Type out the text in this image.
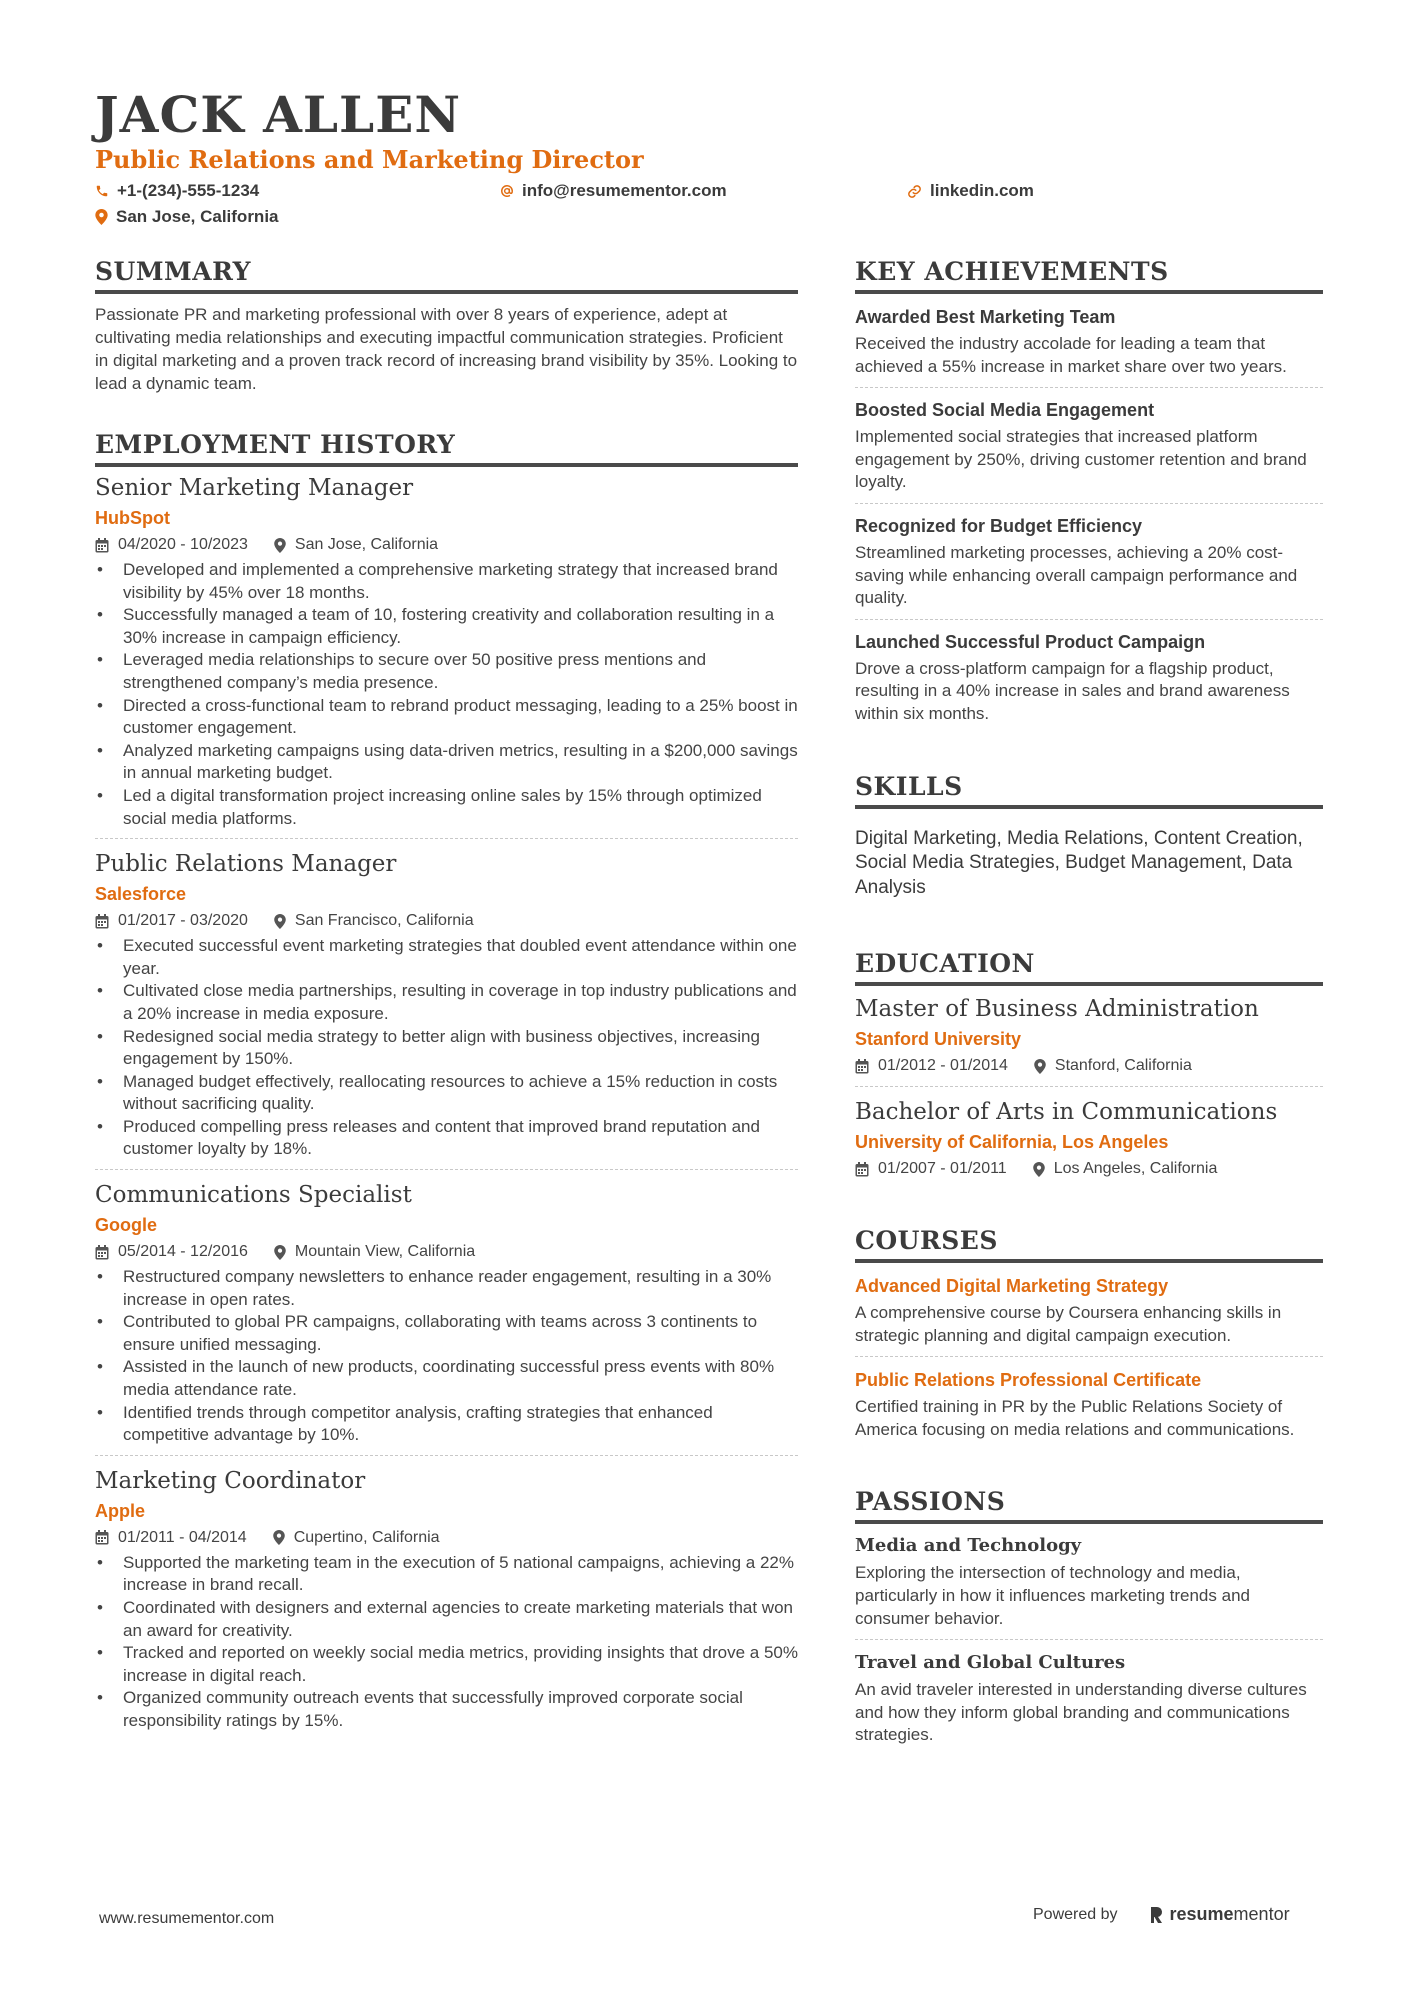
JACK ALLEN
Public Relations and Marketing Director
+1-(234)-555-1234	info@resumementor.com	linkedin.com
San Jose, California
SUMMARY
Passionate PR and marketing professional with over 8 years of experience, adept at cultivating media relationships and executing impactful communication strategies. Proficient in digital marketing and a proven track record of increasing brand visibility by 35%. Looking to lead a dynamic team.
EMPLOYMENT HISTORY
Senior Marketing Manager
HubSpot
04/2020 - 10/2023	San Jose, California
• Developed and implemented a comprehensive marketing strategy that increased brand visibility by 45% over 18 months.
• Successfully managed a team of 10, fostering creativity and collaboration resulting in a 30% increase in campaign efficiency.
• Leveraged media relationships to secure over 50 positive press mentions and strengthened company’s media presence.
• Directed a cross-functional team to rebrand product messaging, leading to a 25% boost in customer engagement.
• Analyzed marketing campaigns using data-driven metrics, resulting in a $200,000 savings in annual marketing budget.
• Led a digital transformation project increasing online sales by 15% through optimized social media platforms.
Public Relations Manager
Salesforce
01/2017 - 03/2020	San Francisco, California
• Executed successful event marketing strategies that doubled event attendance within one year.
• Cultivated close media partnerships, resulting in coverage in top industry publications and a 20% increase in media exposure.
• Redesigned social media strategy to better align with business objectives, increasing engagement by 150%.
• Managed budget effectively, reallocating resources to achieve a 15% reduction in costs without sacrificing quality.
• Produced compelling press releases and content that improved brand reputation and customer loyalty by 18%.
Communications Specialist
Google
05/2014 - 12/2016	Mountain View, California
• Restructured company newsletters to enhance reader engagement, resulting in a 30% increase in open rates.
• Contributed to global PR campaigns, collaborating with teams across 3 continents to ensure unified messaging.
• Assisted in the launch of new products, coordinating successful press events with 80% media attendance rate.
• Identified trends through competitor analysis, crafting strategies that enhanced competitive advantage by 10%.
Marketing Coordinator
Apple
01/2011 - 04/2014	Cupertino, California
• Supported the marketing team in the execution of 5 national campaigns, achieving a 22% increase in brand recall.
• Coordinated with designers and external agencies to create marketing materials that won an award for creativity.
• Tracked and reported on weekly social media metrics, providing insights that drove a 50% increase in digital reach.
• Organized community outreach events that successfully improved corporate social responsibility ratings by 15%.
KEY ACHIEVEMENTS
Awarded Best Marketing Team
Received the industry accolade for leading a team that achieved a 55% increase in market share over two years.
Boosted Social Media Engagement
Implemented social strategies that increased platform engagement by 250%, driving customer retention and brand loyalty.
Recognized for Budget Efficiency
Streamlined marketing processes, achieving a 20% cost-saving while enhancing overall campaign performance and quality.
Launched Successful Product Campaign
Drove a cross-platform campaign for a flagship product, resulting in a 40% increase in sales and brand awareness within six months.
SKILLS
Digital Marketing, Media Relations, Content Creation, Social Media Strategies, Budget Management, Data Analysis
EDUCATION
Master of Business Administration
Stanford University
01/2012 - 01/2014	Stanford, California
Bachelor of Arts in Communications
University of California, Los Angeles
01/2007 - 01/2011	Los Angeles, California
COURSES
Advanced Digital Marketing Strategy
A comprehensive course by Coursera enhancing skills in strategic planning and digital campaign execution.
Public Relations Professional Certificate
Certified training in PR by the Public Relations Society of America focusing on media relations and communications.
PASSIONS
Media and Technology
Exploring the intersection of technology and media, particularly in how it influences marketing trends and consumer behavior.
Travel and Global Cultures
An avid traveler interested in understanding diverse cultures and how they inform global branding and communications strategies.
www.resumementor.com	Powered by	resume mentor
